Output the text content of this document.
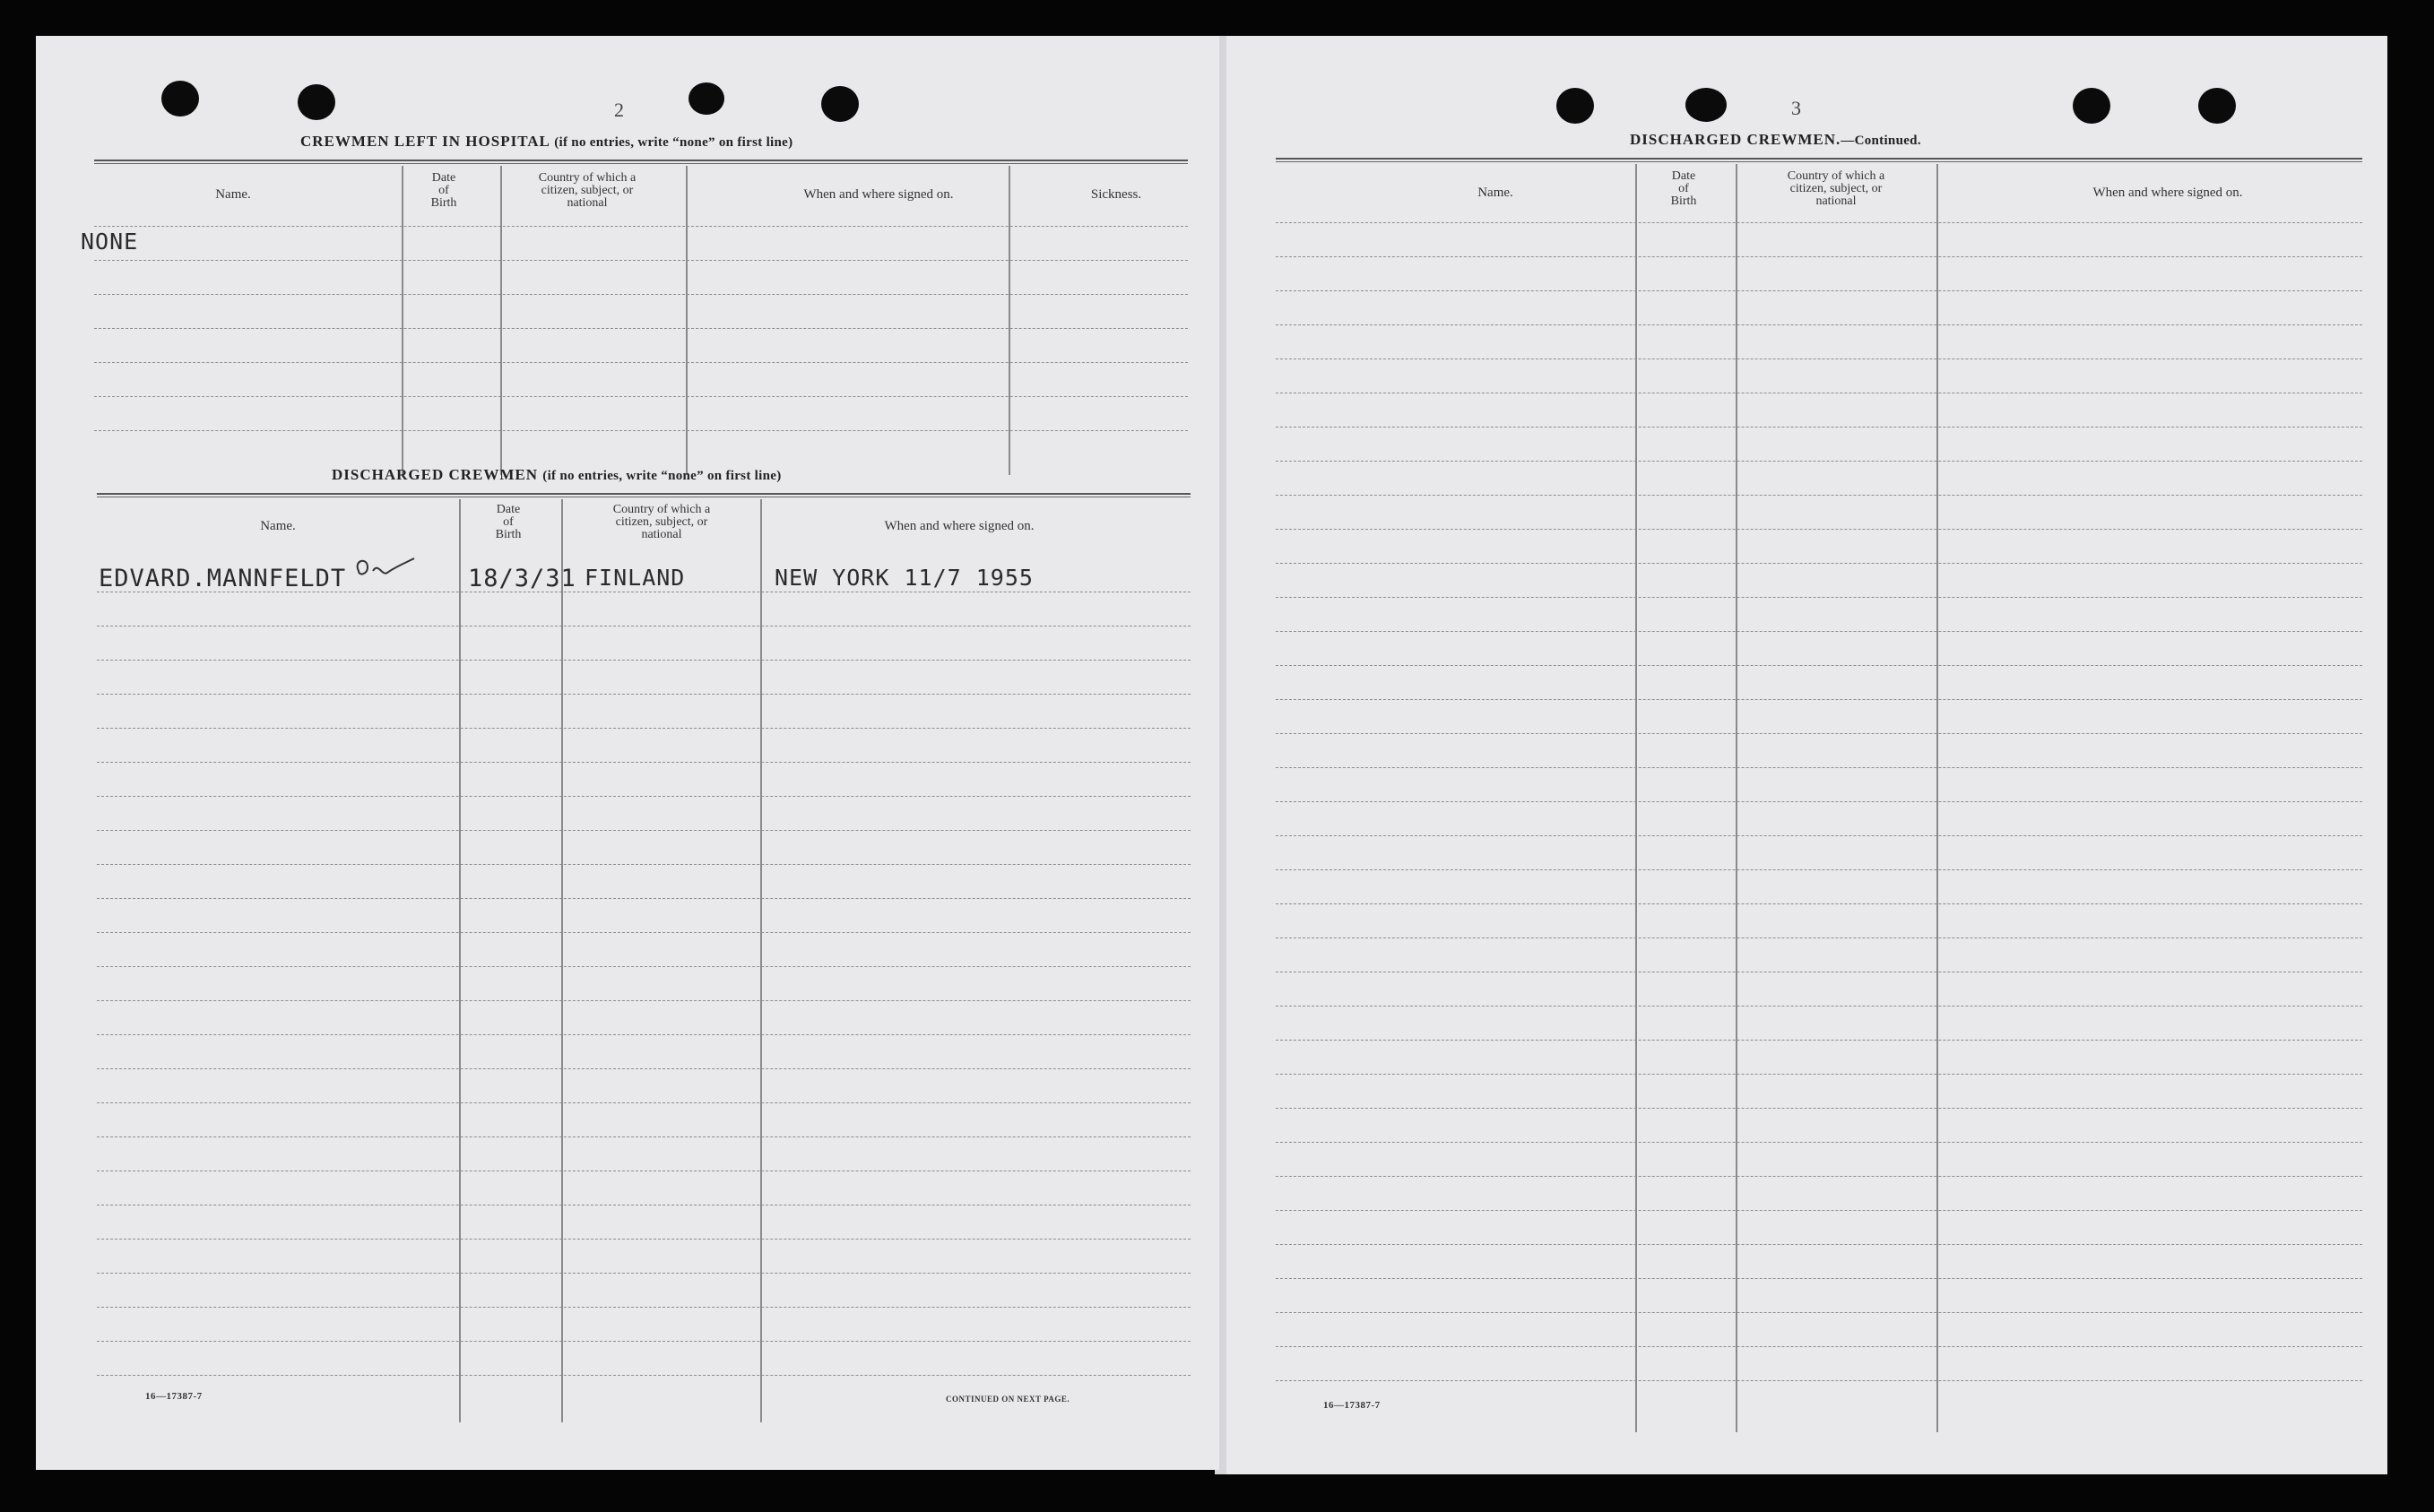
2
CREWMEN LEFT IN HOSPITAL (if no entries, write “none” on first line)
Name.
Date
of
Birth
Country of which a
citizen, subject, or
national
When and where signed on.	Sickness.
NONE
DISCHARGED CREWMEN (if no entries, write “none” on first line)
Name.
Date
of
Birth
Country of which a
citizen, subject, or
national
When and where signed on.
EDVARD.MANNFELDT	18/3/31 FINLAND	NEW YORK 11/7 1955
16—17387-7	CONTINUED ON NEXT PAGE.
3
DISCHARGED CREWMEN.—Continued.
Name.
Date
of
Birth
Country of which a
citizen, subject, or
national
When and where signed on.
16—17387-7
